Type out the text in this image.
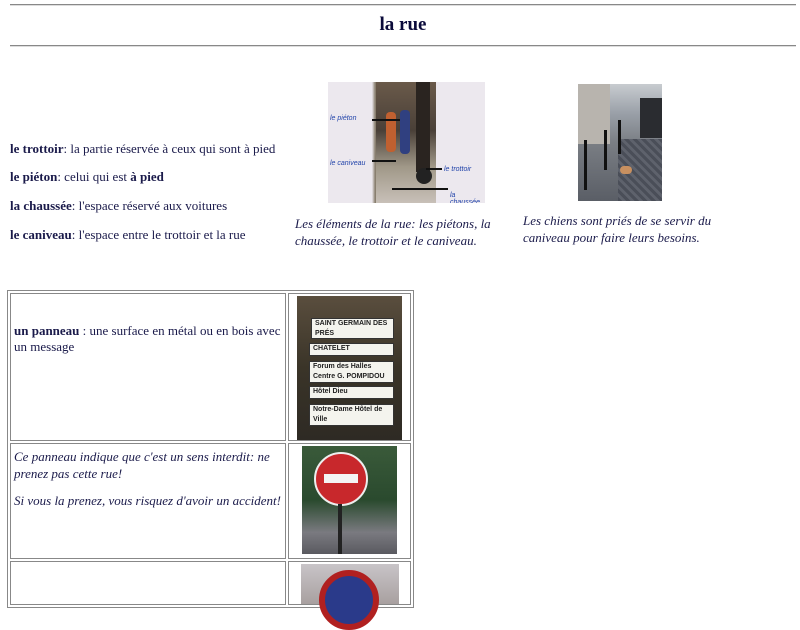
la rue
le trottoir: la partie réservée à ceux qui sont à pied
le piéton: celui qui est à pied
la chaussée: l'espace réservé aux voitures
le caniveau: l'espace entre le trottoir et la rue
le piéton
le caniveau
le trottoir
la chaussée
Les éléments de la rue: les piétons, la chaussée, le trottoir et le caniveau.
Les chiens sont priés de se servir du caniveau pour faire leurs besoins.
un panneau : une surface en métal ou en bois avec un message	SAINT GERMAIN DES PRÉS
CHATELET
Forum des Halles Centre G. POMPIDOU
Hôtel Dieu
Notre-Dame Hôtel de Ville

Ce panneau indique que c'est un sens interdit: ne prenez pas cette rue!
Si vous la prenez, vous risquez d'avoir un accident!	
